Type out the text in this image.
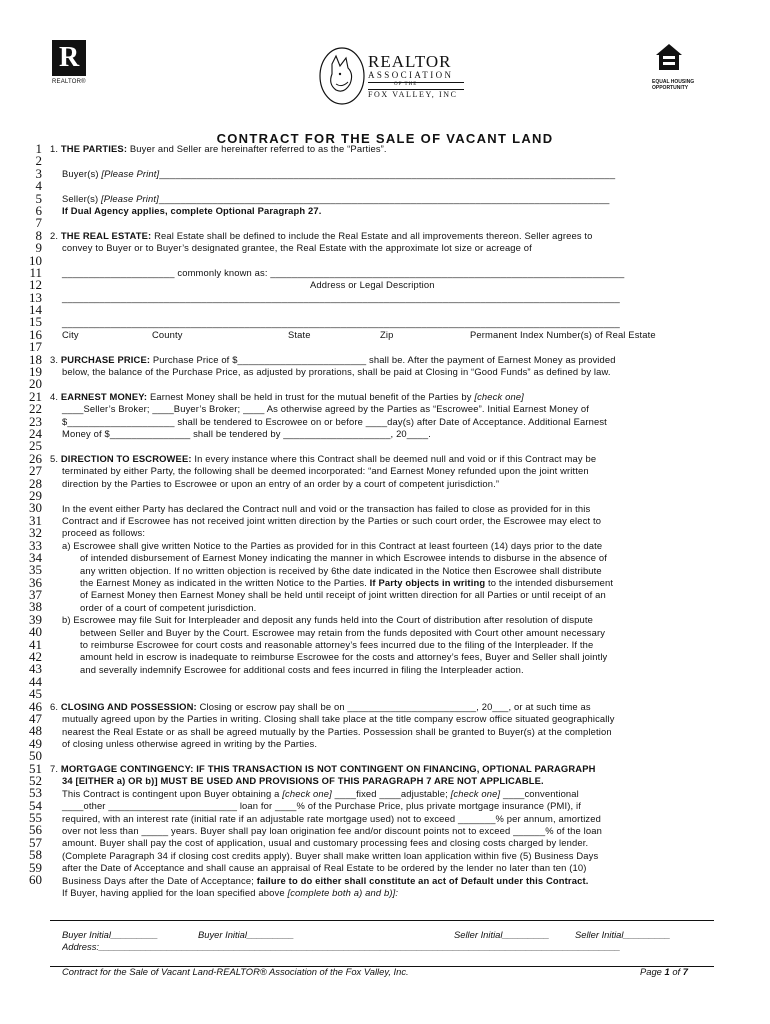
R
REALTOR®
REALTOR
ASSOCIATION
OF THE
FOX VALLEY, INC
EQUAL HOUSING OPPORTUNITY
CONTRACT FOR THE SALE OF VACANT LAND
1
2
3
4
5
6
7
8
9
10
11
12
13
14
15
16
17
18
19
20
21
22
23
24
25
26
27
28
29
30
31
32
33
34
35
36
37
38
39
40
41
42
43
44
45
46
47
48
49
50
51
52
53
54
55
56
57
58
59
60
1. THE PARTIES: Buyer and Seller are hereinafter referred to as the “Parties”.
Buyer(s) [Please Print]_____________________________________________________________________________________
Seller(s) [Please Print]____________________________________________________________________________________
If Dual Agency applies, complete Optional Paragraph 27.
2. THE REAL ESTATE: Real Estate shall be defined to include the Real Estate and all improvements thereon. Seller agrees to
convey to Buyer or to Buyer’s designated grantee, the Real Estate with the approximate lot size or acreage of
_____________________ commonly known as: __________________________________________________________________
Address or Legal Description
________________________________________________________________________________________________________
________________________________________________________________________________________________________
City	County	State	Zip	Permanent Index Number(s) of Real Estate
3. PURCHASE PRICE: Purchase Price of $________________________ shall be. After the payment of Earnest Money as provided
below, the balance of the Purchase Price, as adjusted by prorations, shall be paid at Closing in “Good Funds” as defined by law.
4. EARNEST MONEY: Earnest Money shall be held in trust for the mutual benefit of the Parties by [check one]
____Seller’s Broker; ____Buyer’s Broker; ____ As otherwise agreed by the Parties as “Escrowee”. Initial Earnest Money of
$____________________ shall be tendered to Escrowee on or before ____day(s) after Date of Acceptance. Additional Earnest
Money of $_______________ shall be tendered by ____________________, 20____.
5. DIRECTION TO ESCROWEE: In every instance where this Contract shall be deemed null and void or if this Contract may be
terminated by either Party, the following shall be deemed incorporated: “and Earnest Money refunded upon the joint written
direction by the Parties to Escrowee or upon an entry of an order by a court of competent jurisdiction.”
In the event either Party has declared the Contract null and void or the transaction has failed to close as provided for in this
Contract and if Escrowee has not received joint written direction by the Parties or such court order, the Escrowee may elect to
proceed as follows:
a) Escrowee shall give written Notice to the Parties as provided for in this Contract at least fourteen (14) days prior to the date
of intended disbursement of Earnest Money indicating the manner in which Escrowee intends to disburse in the absence of
any written objection. If no written objection is received by 6the date indicated in the Notice then Escrowee shall distribute
the Earnest Money as indicated in the written Notice to the Parties. If Party objects in writing to the intended disbursement
of Earnest Money then Earnest Money shall be held until receipt of joint written direction for all Parties or until receipt of an
order of a court of competent jurisdiction.
b) Escrowee may file Suit for Interpleader and deposit any funds held into the Court of distribution after resolution of dispute
between Seller and Buyer by the Court. Escrowee may retain from the funds deposited with Court other amount necessary
to reimburse Escrowee for court costs and reasonable attorney’s fees incurred due to the filing of the Interpleader. If the
amount held in escrow is inadequate to reimburse Escrowee for the costs and attorney’s fees, Buyer and Seller shall jointly
and severally indemnify Escrowee for additional costs and fees incurred in filing the Interpleader action.
6. CLOSING AND POSSESSION: Closing or escrow pay shall be on ________________________, 20___, or at such time as
mutually agreed upon by the Parties in writing. Closing shall take place at the title company escrow office situated geographically
nearest the Real Estate or as shall be agreed mutually by the Parties. Possession shall be granted to Buyer(s) at the completion
of closing unless otherwise agreed in writing by the Parties.
7. MORTGAGE CONTINGENCY: IF THIS TRANSACTION IS NOT CONTINGENT ON FINANCING, OPTIONAL PARAGRAPH
34 [EITHER a) OR b)] MUST BE USED AND PROVISIONS OF THIS PARAGRAPH 7 ARE NOT APPLICABLE.
This Contract is contingent upon Buyer obtaining a [check one] ____fixed ____adjustable; [check one] ____conventional
____other ________________________ loan for ____% of the Purchase Price, plus private mortgage insurance (PMI), if
required, with an interest rate (initial rate if an adjustable rate mortgage used) not to exceed _______% per annum, amortized
over not less than _____ years. Buyer shall pay loan origination fee and/or discount points not to exceed ______% of the loan
amount. Buyer shall pay the cost of application, usual and customary processing fees and closing costs charged by lender.
(Complete Paragraph 34 if closing cost credits apply). Buyer shall make written loan application within five (5) Business Days
after the Date of Acceptance and shall cause an appraisal of Real Estate to be ordered by the lender no later than ten (10)
Business Days after the Date of Acceptance; failure to do either shall constitute an act of Default under this Contract.
If Buyer, having applied for the loan specified above [complete both a) and b)]:
Buyer Initial_________	Buyer Initial_________	Seller Initial_________	Seller Initial_________
Address:____________________________________________________________________________________________________
Contract for the Sale of Vacant Land-REALTOR® Association of the Fox Valley, Inc.	Page 1 of 7
